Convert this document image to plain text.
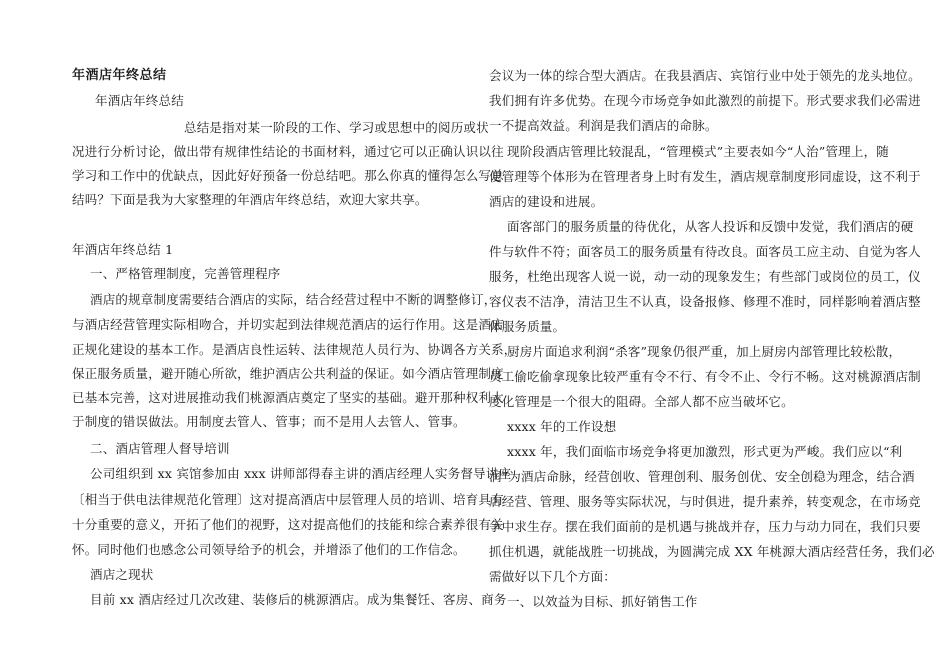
年酒店年终总结
年酒店年终总结
总结是指对某一阶段的工作、学习或思想中的阅历或状
况进行分析讨论，做出带有规律性结论的书面材料，通过它可以正确认识以往
学习和工作中的优缺点，因此好好预备一份总结吧。那么你真的懂得怎么写总
结吗？下面是我为大家整理的年酒店年终总结，欢迎大家共享。
年酒店年终总结 1
一、严格管理制度，完善管理程序
酒店的规章制度需要结合酒店的实际，结合经营过程中不断的调整修订，
与酒店经营管理实际相吻合，并切实起到法律规范酒店的运行作用。这是酒店
正规化建设的基本工作。是酒店良性运转、法律规范人员行为、协调各方关系，
保正服务质量，避开随心所欲，维护酒店公共利益的保证。如今酒店管理制度
已基本完善，这对进展推动我们桃源酒店奠定了坚实的基础。避开那种权利大
于制度的错误做法。用制度去管人、管事；而不是用人去管人、管事。
二、酒店管理人督导培训
公司组织到 xx 宾馆参加由 xxx 讲师部得春主讲的酒店经理人实务督导讲座
〔相当于供电法律规范化管理〕这对提高酒店中层管理人员的培训、培育具有
十分重要的意义，开拓了他们的视野，这对提高他们的技能和综合素养很有关
怀。同时他们也感念公司领导给予的机会，并增添了他们的工作信念。
酒店之现状
目前 xx 酒店经过几次改建、装修后的桃源酒店。成为集餐饪、客房、商务
会议为一体的综合型大酒店。在我县酒店、宾馆行业中处于领先的龙头地位。
我们拥有许多优势。在现今市场竞争如此激烈的前提下。形式要求我们必需进
一不提高效益。利润是我们酒店的命脉。
现阶段酒店管理比较混乱，“管理模式”主要表如今“人治”管理上，随
便管理等个体形为在管理者身上时有发生，酒店规章制度形同虚设，这不利于
酒店的建设和进展。
面客部门的服务质量的待优化，从客人投诉和反馈中发觉，我们酒店的硬
件与软件不符；面客员工的服务质量有待改良。面客员工应主动、自觉为客人
服务，杜绝出现客人说一说，动一动的现象发生；有些部门或岗位的员工，仪
容仪表不洁净，清洁卫生不认真，设备报修、修理不准时，同样影响着酒店整
体服务质量。
厨房片面追求利润“杀客”现象仍很严重，加上厨房内部管理比较松散，
员工偷吃偷拿现象比较严重有令不行、有令不止、令行不畅。这对桃源酒店制
度化管理是一个很大的阻碍。全部人都不应当破坏它。
xxxx 年的工作设想
xxxx 年，我们面临市场竞争将更加激烈，形式更为严峻。我们应以“利
润”为酒店命脉，经营创收、管理创利、服务创优、安全创稳为理念，结合酒
店经营、管理、服务等实际状况，与时俱进，提升素养，转变观念，在市场竞
争中求生存。摆在我们面前的是机遇与挑战并存，压力与动力同在，我们只要
抓住机遇，就能战胜一切挑战，为圆满完成 XX 年桃源大酒店经营任务，我们必
需做好以下几个方面：
一、以效益为目标、抓好销售工作
